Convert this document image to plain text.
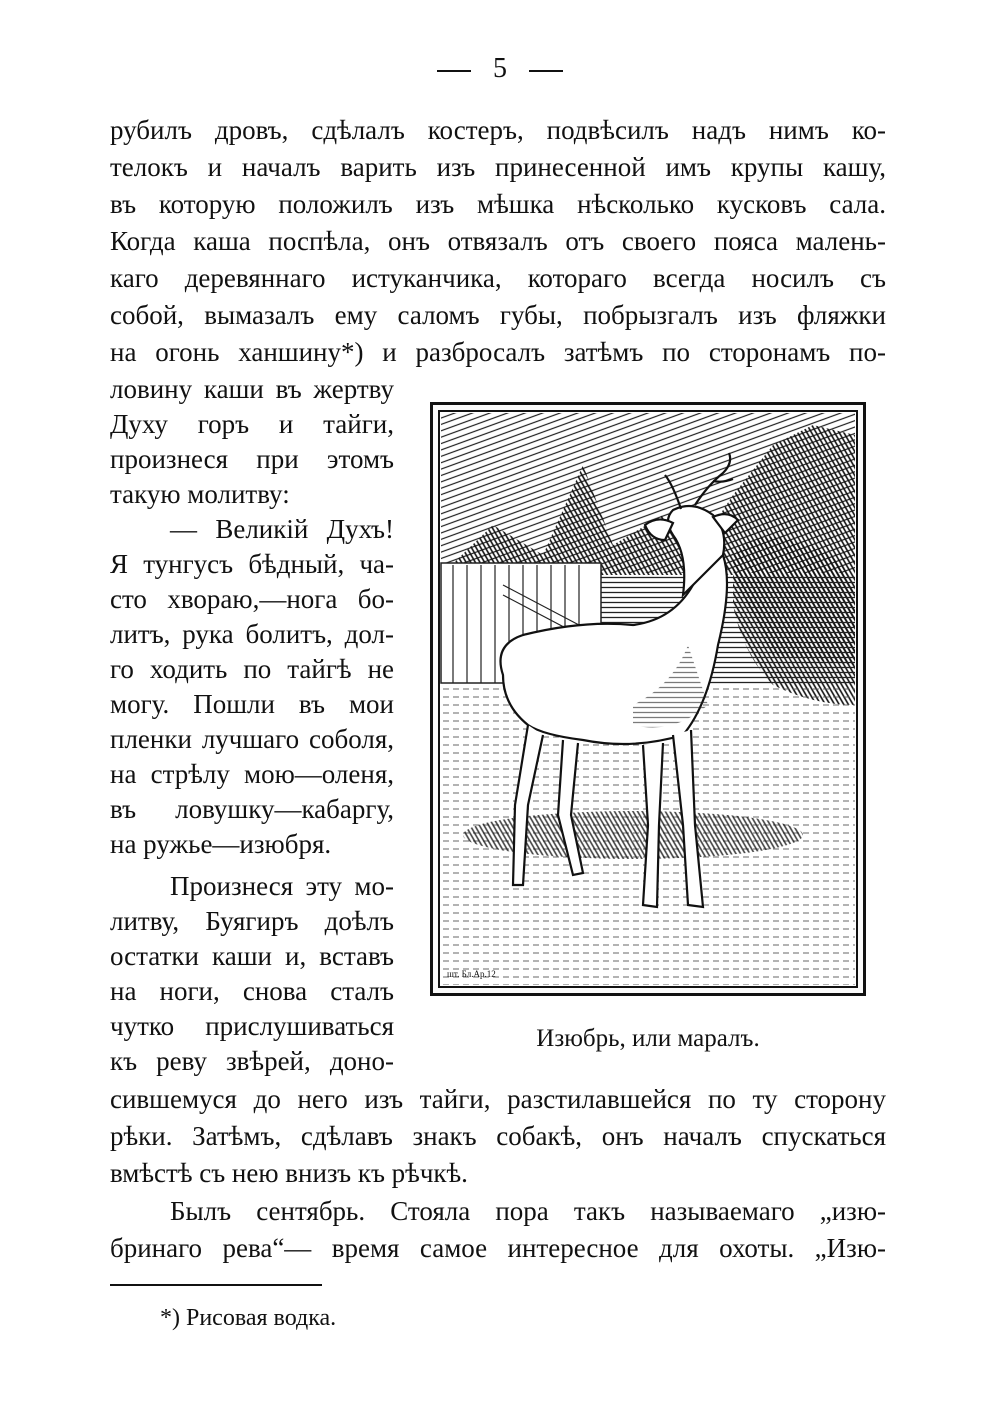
5
рубилъ дровъ, сдѣлалъ костеръ, подвѣсилъ надъ нимъ ко-
телокъ и началъ варить изъ принесенной имъ крупы кашу,
въ которую положилъ изъ мѣшка нѣсколько кусковъ сала.
Когда каша поспѣла, онъ отвязалъ отъ своего пояса малень-
каго деревяннаго истуканчика, котораго всегда носилъ съ
собой, вымазалъ ему саломъ губы, побрызгалъ изъ фляжки
на огонь ханшину*) и разбросалъ затѣмъ по сторонамъ по-
ловину каши въ жертву
Духу горъ и тайги,
произнеся при этомъ
такую молитву:
— Великій Духъ!
Я тунгусъ бѣдный, ча-
сто хвораю,—нога бо-
литъ, рука болитъ, дол-
го ходить по тайгѣ не
могу. Пошли въ мои
пленки лучшаго соболя,
на стрѣлу мою—оленя,
въ ловушку—кабаргу,
на ружье—изюбря.
Произнеся эту мо-
литву, Буягиръ доѣлъ
остатки каши и, вставъ
на ноги, снова сталъ
чутко прислушиваться
къ реву звѣрей, доно-
шт. Бл.Ар.12
Изюбрь, или маралъ.
сившемуся до него изъ тайги, разстилавшейся по ту сторону
рѣки. Затѣмъ, сдѣлавъ знакъ собакѣ, онъ началъ спускаться
вмѣстѣ съ нею внизъ къ рѣчкѣ.
Былъ сентябрь. Стояла пора такъ называемаго „изю-
бринаго рева“— время самое интересное для охоты. „Изю-
*) Рисовая водка.
